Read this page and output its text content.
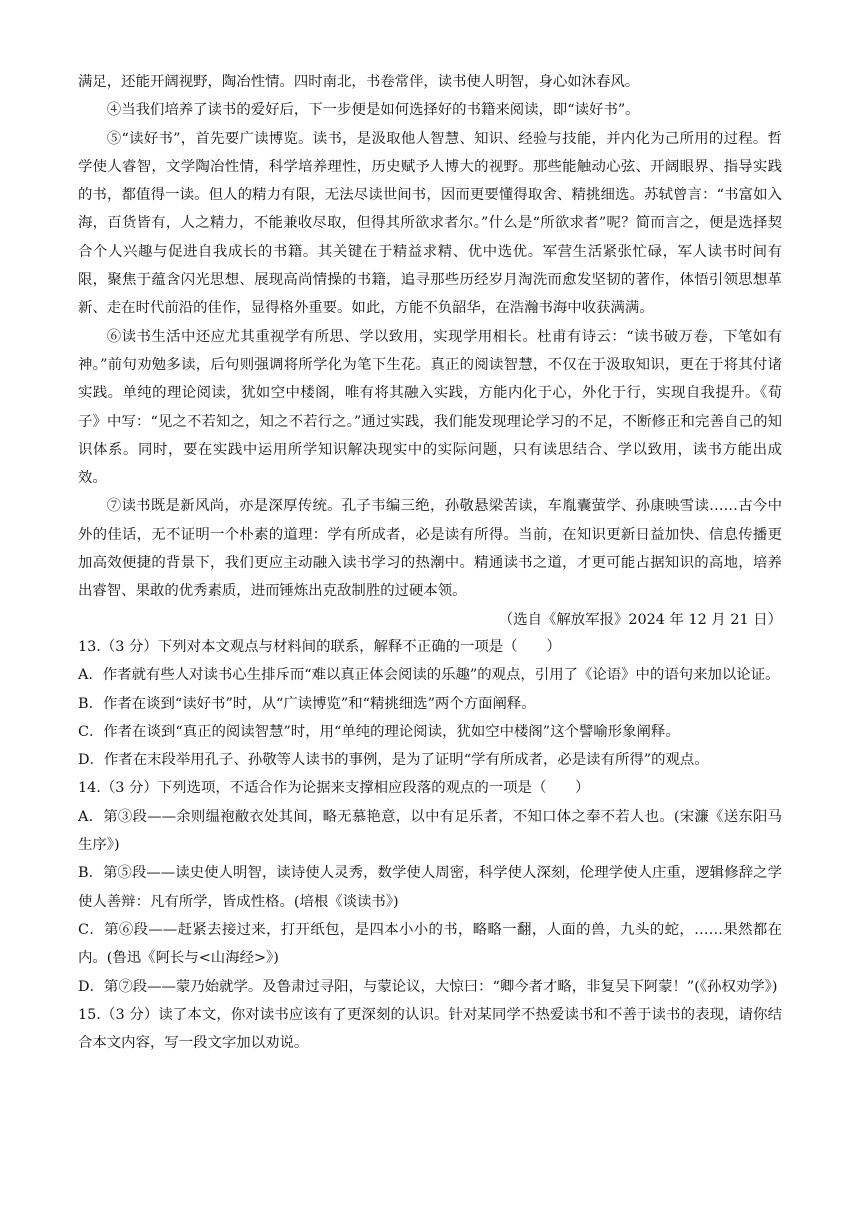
满足，还能开阔视野，陶冶性情。四时南北，书卷常伴，读书使人明智，身心如沐春风。

④当我们培养了读书的爱好后，下一步便是如何选择好的书籍来阅读，即“读好书”。

⑤“读好书”，首先要广读博览。读书，是汲取他人智慧、知识、经验与技能，并内化为己所用的过程。哲学使人睿智，文学陶冶性情，科学培养理性，历史赋予人博大的视野。那些能触动心弦、开阔眼界、指导实践的书，都值得一读。但人的精力有限，无法尽读世间书，因而更要懂得取舍、精挑细选。苏轼曾言：“书富如入海，百货皆有，人之精力，不能兼收尽取，但得其所欲求者尔。”什么是“所欲求者”呢？简而言之，便是选择契合个人兴趣与促进自我成长的书籍。其关键在于精益求精、优中选优。军营生活紧张忙碌，军人读书时间有限，聚焦于蕴含闪光思想、展现高尚情操的书籍，追寻那些历经岁月淘洗而愈发坚韧的著作，体悟引领思想革新、走在时代前沿的佳作，显得格外重要。如此，方能不负韶华，在浩瀚书海中收获满满。

⑥读书生活中还应尤其重视学有所思、学以致用，实现学用相长。杜甫有诗云：“读书破万卷，下笔如有神。”前句劝勉多读，后句则强调将所学化为笔下生花。真正的阅读智慧，不仅在于汲取知识，更在于将其付诸实践。单纯的理论阅读，犹如空中楼阁，唯有将其融入实践，方能内化于心，外化于行，实现自我提升。《荀子》中写：“见之不若知之，知之不若行之。”通过实践，我们能发现理论学习的不足，不断修正和完善自己的知识体系。同时，要在实践中运用所学知识解决现实中的实际问题，只有读思结合、学以致用，读书方能出成效。

⑦读书既是新风尚，亦是深厚传统。孔子韦编三绝，孙敬悬梁苦读，车胤囊萤学、孙康映雪读……古今中外的佳话，无不证明一个朴素的道理：学有所成者，必是读有所得。当前，在知识更新日益加快、信息传播更加高效便捷的背景下，我们更应主动融入读书学习的热潮中。精通读书之道，才更可能占据知识的高地，培养出睿智、果敢的优秀素质，进而锤炼出克敌制胜的过硬本领。

（选自《解放军报》2024 年 12 月 21 日）

13.（3 分）下列对本文观点与材料间的联系，解释不正确的一项是（　　）

A．作者就有些人对读书心生排斥而“难以真正体会阅读的乐趣”的观点，引用了《论语》中的语句来加以论证。

B．作者在谈到“读好书”时，从“广读博览”和“精挑细选”两个方面阐释。

C．作者在谈到“真正的阅读智慧”时，用“单纯的理论阅读，犹如空中楼阁”这个譬喻形象阐释。

D．作者在末段举用孔子、孙敬等人读书的事例，是为了证明“学有所成者，必是读有所得”的观点。

14.（3 分）下列选项，不适合作为论据来支撑相应段落的观点的一项是（　　）

A．第③段——余则缊袍敝衣处其间，略无慕艳意，以中有足乐者，不知口体之奉不若人也。(宋濂《送东阳马生序》)

B．第⑤段——读史使人明智，读诗使人灵秀，数学使人周密，科学使人深刻，伦理学使人庄重，逻辑修辞之学使人善辩：凡有所学，皆成性格。(培根《谈读书》)

C．第⑥段——赶紧去接过来，打开纸包，是四本小小的书，略略一翻，人面的兽，九头的蛇，……果然都在内。(鲁迅《阿长与<山海经>》)

D．第⑦段——蒙乃始就学。及鲁肃过寻阳，与蒙论议，大惊曰：“卿今者才略，非复吴下阿蒙！”(《孙权劝学》)

15.（3 分）读了本文，你对读书应该有了更深刻的认识。针对某同学不热爱读书和不善于读书的表现，请你结合本文内容，写一段文字加以劝说。
